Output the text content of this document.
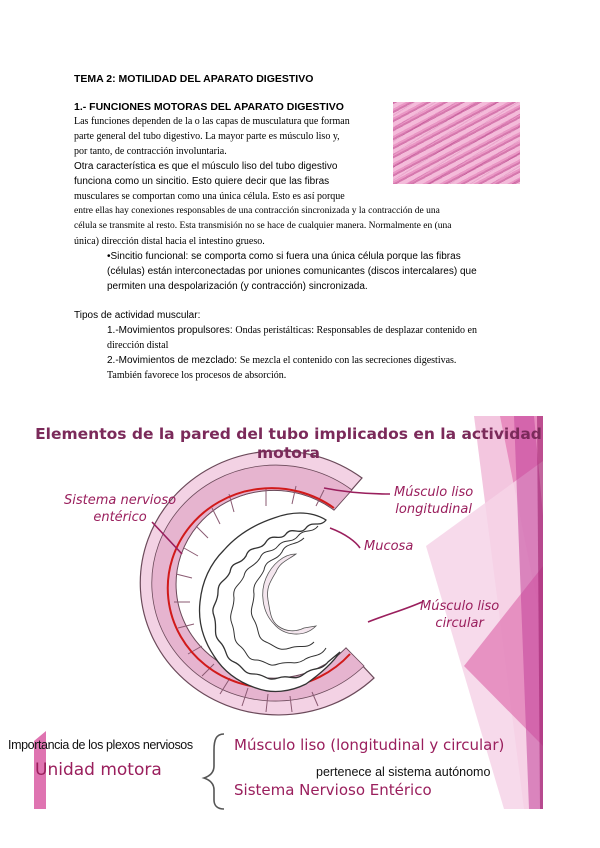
TEMA 2: MOTILIDAD DEL APARATO DIGESTIVO
1.- FUNCIONES MOTORAS DEL APARATO DIGESTIVO
Las funciones dependen de la o las capas de musculatura que forman
parte general del tubo digestivo. La mayor parte es músculo liso y,
por tanto, de contracción involuntaria.
Otra característica es que el músculo liso del tubo digestivo
funciona como un sincitio. Esto quiere decir que las fibras
musculares se comportan como una única célula. Esto es así porque
entre ellas hay conexiones responsables de una contracción sincronizada y la contracción de una
célula se transmite al resto. Esta transmisión no se hace de cualquier manera. Normalmente en (una
única) dirección distal hacia el intestino grueso.
•Sincitio funcional: se comporta como si fuera una única célula porque las fibras
(células) están interconectadas por uniones comunicantes (discos intercalares) que
permiten una despolarización (y contracción) sincronizada.
Tipos de actividad muscular:
1.-Movimientos propulsores: Ondas peristálticas: Responsables de desplazar contenido en
dirección distal
2.-Movimientos de mezclado: Se mezcla el contenido con las secreciones digestivas.
También favorece los procesos de absorción.
Elementos de la pared del tubo implicados en la actividad
motora
Sistema nervioso
entérico
Músculo liso
longitudinal
Mucosa
Músculo liso
circular
Importancia de los plexos nerviosos
Unidad motora
Músculo liso (longitudinal y circular)
pertenece al sistema autónomo
Sistema Nervioso Entérico
